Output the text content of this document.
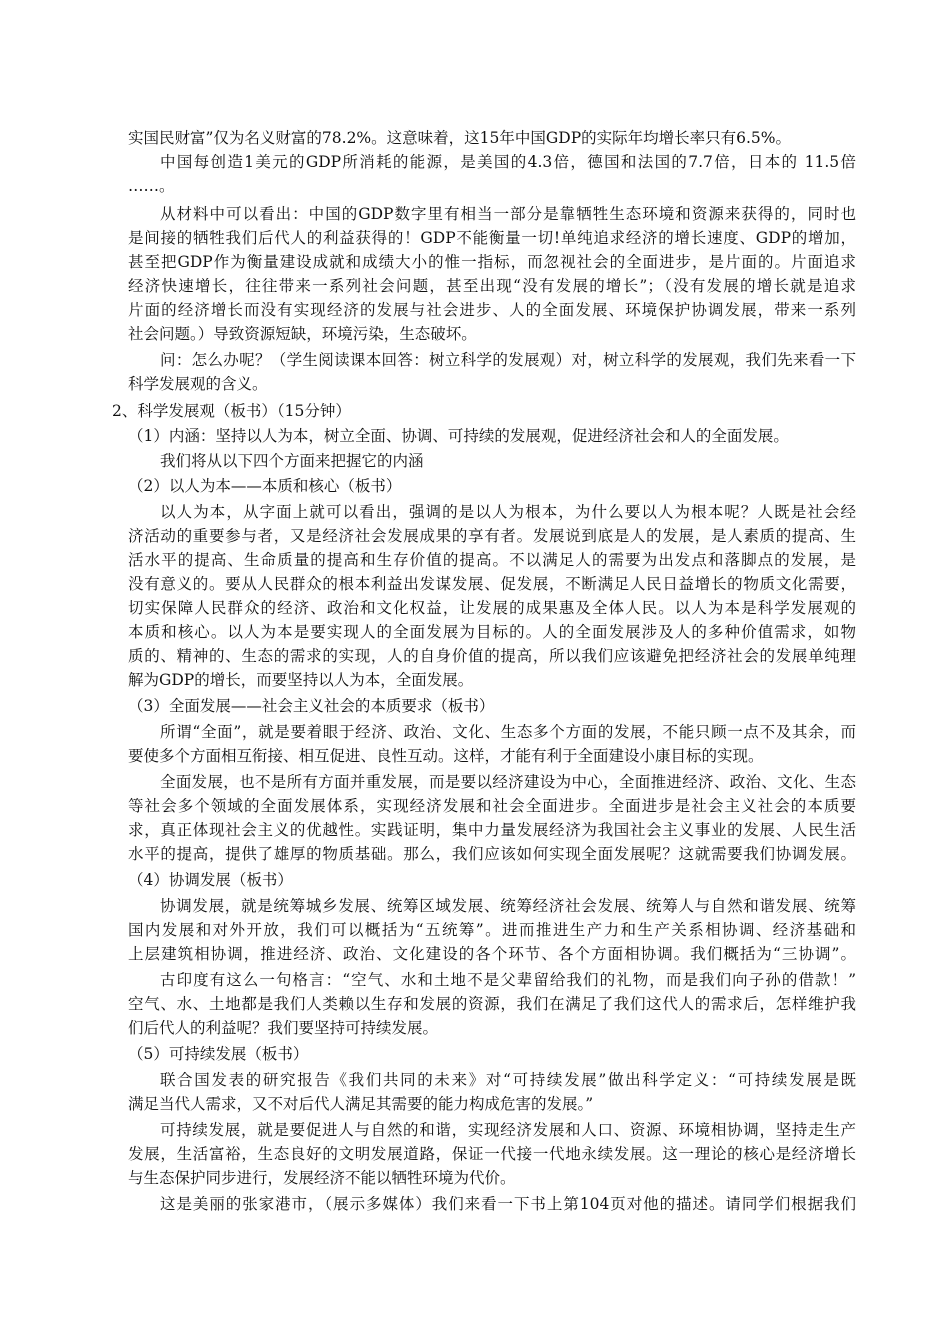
实国民财富”仅为名义财富的78.2%。这意味着，这15年中国GDP的实际年均增长率只有6.5%。
中国每创造1美元的GDP所消耗的能源，是美国的4.3倍，德国和法国的7.7倍，日本的 11.5倍
……。
从材料中可以看出：中国的GDP数字里有相当一部分是靠牺牲生态环境和资源来获得的，同时也
是间接的牺牲我们后代人的利益获得的！GDP不能衡量一切!单纯追求经济的增长速度、GDP的增加，
甚至把GDP作为衡量建设成就和成绩大小的惟一指标，而忽视社会的全面进步，是片面的。片面追求
经济快速增长，往往带来一系列社会问题，甚至出现“没有发展的增长”；（没有发展的增长就是追求
片面的经济增长而没有实现经济的发展与社会进步、人的全面发展、环境保护协调发展，带来一系列
社会问题。）导致资源短缺，环境污染，生态破坏。
问：怎么办呢？（学生阅读课本回答：树立科学的发展观）对，树立科学的发展观，我们先来看一下
科学发展观的含义。
2、科学发展观（板书）（15分钟）
（1）内涵：坚持以人为本，树立全面、协调、可持续的发展观，促进经济社会和人的全面发展。
我们将从以下四个方面来把握它的内涵
（2）以人为本——本质和核心（板书）
以人为本，从字面上就可以看出，强调的是以人为根本，为什么要以人为根本呢？人既是社会经
济活动的重要参与者，又是经济社会发展成果的享有者。发展说到底是人的发展，是人素质的提高、生
活水平的提高、生命质量的提高和生存价值的提高。不以满足人的需要为出发点和落脚点的发展，是
没有意义的。要从人民群众的根本利益出发谋发展、促发展，不断满足人民日益增长的物质文化需要，
切实保障人民群众的经济、政治和文化权益，让发展的成果惠及全体人民。以人为本是科学发展观的
本质和核心。以人为本是要实现人的全面发展为目标的。人的全面发展涉及人的多种价值需求，如物
质的、精神的、生态的需求的实现，人的自身价值的提高，所以我们应该避免把经济社会的发展单纯理
解为GDP的增长，而要坚持以人为本，全面发展。
（3）全面发展——社会主义社会的本质要求（板书）
所谓“全面”，就是要着眼于经济、政治、文化、生态多个方面的发展，不能只顾一点不及其余，而
要使多个方面相互衔接、相互促进、良性互动。这样，才能有利于全面建设小康目标的实现。
全面发展，也不是所有方面并重发展，而是要以经济建设为中心，全面推进经济、政治、文化、生态
等社会多个领域的全面发展体系，实现经济发展和社会全面进步。全面进步是社会主义社会的本质要
求，真正体现社会主义的优越性。实践证明，集中力量发展经济为我国社会主义事业的发展、人民生活
水平的提高，提供了雄厚的物质基础。那么，我们应该如何实现全面发展呢？这就需要我们协调发展。
（4）协调发展（板书）
协调发展，就是统筹城乡发展、统筹区域发展、统筹经济社会发展、统筹人与自然和谐发展、统筹
国内发展和对外开放，我们可以概括为“五统筹”。进而推进生产力和生产关系相协调、经济基础和
上层建筑相协调，推进经济、政治、文化建设的各个环节、各个方面相协调。我们概括为“三协调”。
古印度有这么一句格言：“空气、水和土地不是父辈留给我们的礼物，而是我们向子孙的借款！”
空气、水、土地都是我们人类赖以生存和发展的资源，我们在满足了我们这代人的需求后，怎样维护我
们后代人的利益呢？我们要坚持可持续发展。
（5）可持续发展（板书）
联合国发表的研究报告《我们共同的未来》对“可持续发展”做出科学定义：“可持续发展是既
满足当代人需求，又不对后代人满足其需要的能力构成危害的发展。”
可持续发展，就是要促进人与自然的和谐，实现经济发展和人口、资源、环境相协调，坚持走生产
发展，生活富裕，生态良好的文明发展道路，保证一代接一代地永续发展。这一理论的核心是经济增长
与生态保护同步进行，发展经济不能以牺牲环境为代价。
这是美丽的张家港市，（展示多媒体）我们来看一下书上第104页对他的描述。请同学们根据我们
